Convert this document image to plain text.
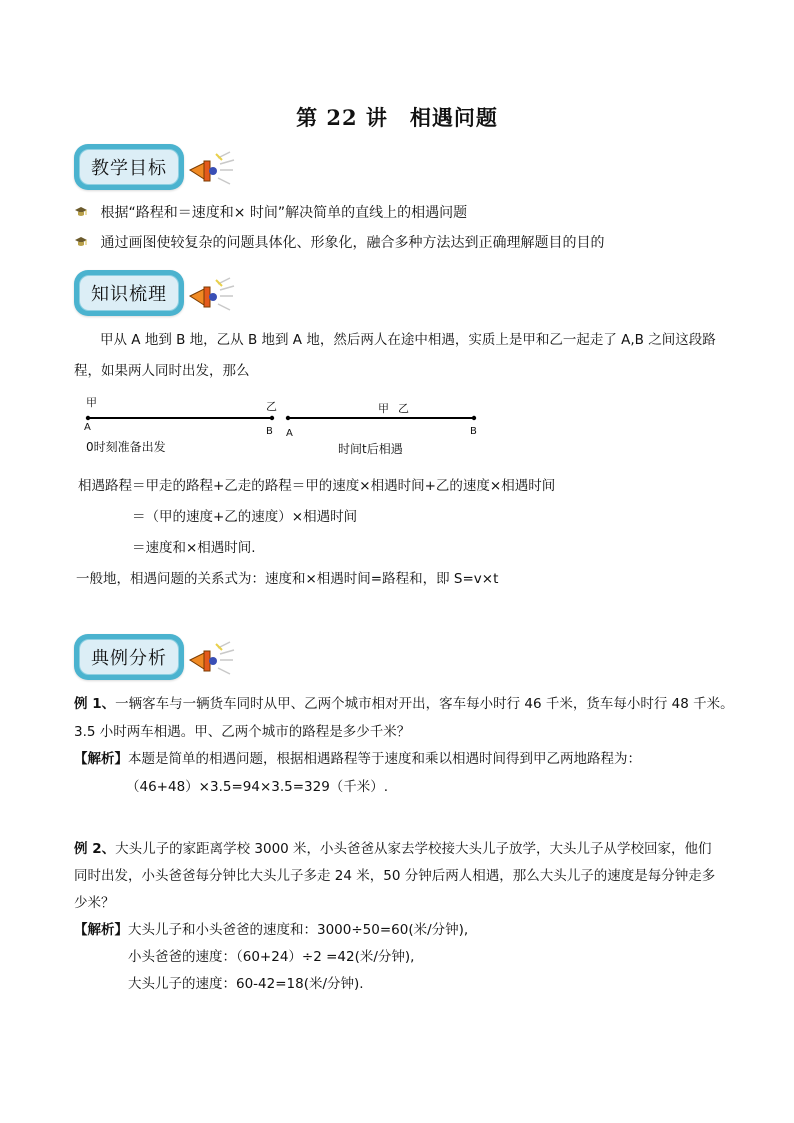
第 22 讲　相遇问题
教学目标
根据“路程和＝速度和× 时间”解决简单的直线上的相遇问题
通过画图使较复杂的问题具体化、形象化，融合多种方法达到正确理解题目的目的
知识梳理
甲从 A 地到 B 地，乙从 B 地到 A 地，然后两人在途中相遇，实质上是甲和乙一起走了 A,B 之间这段路
程，如果两人同时出发，那么
甲	乙
A	B
0时刻准备出发
甲 乙
A	B
时间t后相遇
相遇路程＝甲走的路程+乙走的路程＝甲的速度×相遇时间+乙的速度×相遇时间
＝（甲的速度+乙的速度）×相遇时间
＝速度和×相遇时间.
一般地，相遇问题的关系式为：速度和×相遇时间=路程和，即 S=v×t
典例分析
例 1、一辆客车与一辆货车同时从甲、乙两个城市相对开出，客车每小时行 46 千米，货车每小时行 48 千米。
3.5 小时两车相遇。甲、乙两个城市的路程是多少千米？
【解析】本题是简单的相遇问题，根据相遇路程等于速度和乘以相遇时间得到甲乙两地路程为：
（46+48）×3.5=94×3.5=329（千米）.
例 2、大头儿子的家距离学校 3000 米，小头爸爸从家去学校接大头儿子放学，大头儿子从学校回家，他们
同时出发，小头爸爸每分钟比大头儿子多走 24 米，50 分钟后两人相遇，那么大头儿子的速度是每分钟走多
少米？
【解析】大头儿子和小头爸爸的速度和：3000÷50=60(米/分钟),
小头爸爸的速度：（60+24）÷2 =42(米/分钟),
大头儿子的速度：60-42=18(米/分钟).
